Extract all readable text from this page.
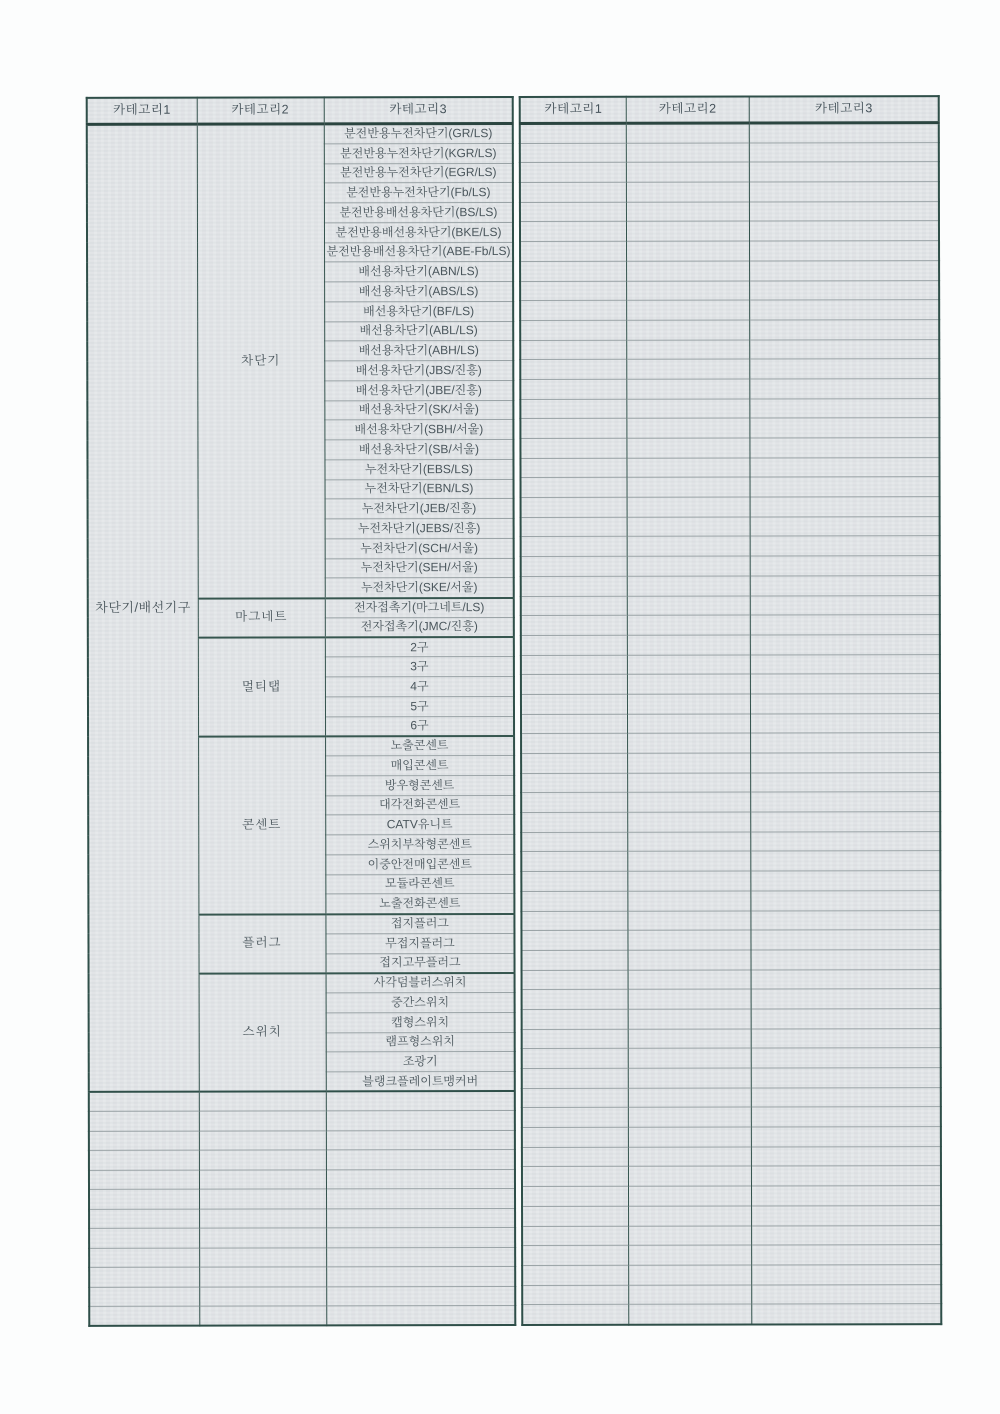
카테고리1	카테고리2	카테고리3
차단기/배선기구	차단기	분전반용누전차단기(GR/LS)
		분전반용누전차단기(KGR/LS)
		분전반용누전차단기(EGR/LS)
		분전반용누전차단기(Fb/LS)
		분전반용배선용차단기(BS/LS)
		분전반용배선용차단기(BKE/LS)
		분전반용배선용차단기(ABE-Fb/LS)
		배선용차단기(ABN/LS)
		배선용차단기(ABS/LS)
		배선용차단기(BF/LS)
		배선용차단기(ABL/LS)
		배선용차단기(ABH/LS)
		배선용차단기(JBS/진흥)
		배선용차단기(JBE/진흥)
		배선용차단기(SK/서울)
		배선용차단기(SBH/서울)
		배선용차단기(SB/서울)
		누전차단기(EBS/LS)
		누전차단기(EBN/LS)
		누전차단기(JEB/진흥)
		누전차단기(JEBS/진흥)
		누전차단기(SCH/서울)
		누전차단기(SEH/서울)
		누전차단기(SKE/서울)
	마그네트	전자접촉기(마그네트/LS)
		전자접촉기(JMC/진흥)
	멀티탭	2구
		3구
		4구
		5구
		6구
	콘센트	노출콘센트
		매입콘센트
		방우형콘센트
		대각전화콘센트
		CATV유니트
		스위치부착형콘센트
		이중안전매입콘센트
		모듈라콘센트
		노출전화콘센트
	플러그	접지플러그
		무접지플러그
		접지고무플러그
	스위치	사각덤블러스위치
		중간스위치
		캡형스위치
		램프형스위치
		조광기
		블랭크플레이트맹커버

카테고리1	카테고리2	카테고리3
